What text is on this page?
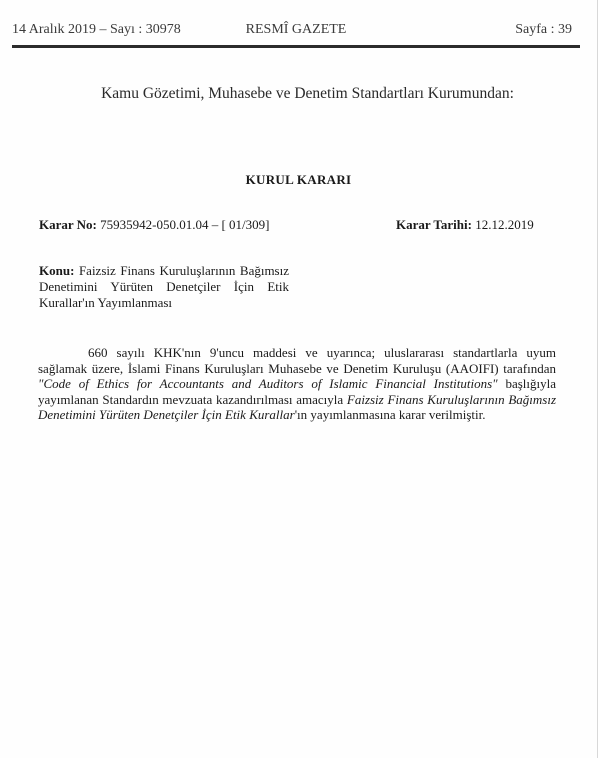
14 Aralık 2019 – Sayı : 30978	RESMÎ GAZETE	Sayfa : 39
Kamu Gözetimi, Muhasebe ve Denetim Standartları Kurumundan:
KURUL KARARI
Karar No: 75935942-050.01.04 – [ 01/309]	Karar Tarihi: 12.12.2019
Konu: Faizsiz Finans Kuruluşlarının Bağımsız Denetimini Yürüten Denetçiler İçin Etik Kurallar'ın Yayımlanması
660 sayılı KHK'nın 9'uncu maddesi ve uyarınca; uluslararası standartlarla uyum sağlamak üzere, İslami Finans Kuruluşları Muhasebe ve Denetim Kuruluşu (AAOIFI) tarafından "Code of Ethics for Accountants and Auditors of Islamic Financial Institutions" başlığıyla yayımlanan Standardın mevzuata kazandırılması amacıyla Faizsiz Finans Kuruluşlarının Bağımsız Denetimini Yürüten Denetçiler İçin Etik Kurallar'ın yayımlanmasına karar verilmiştir.
